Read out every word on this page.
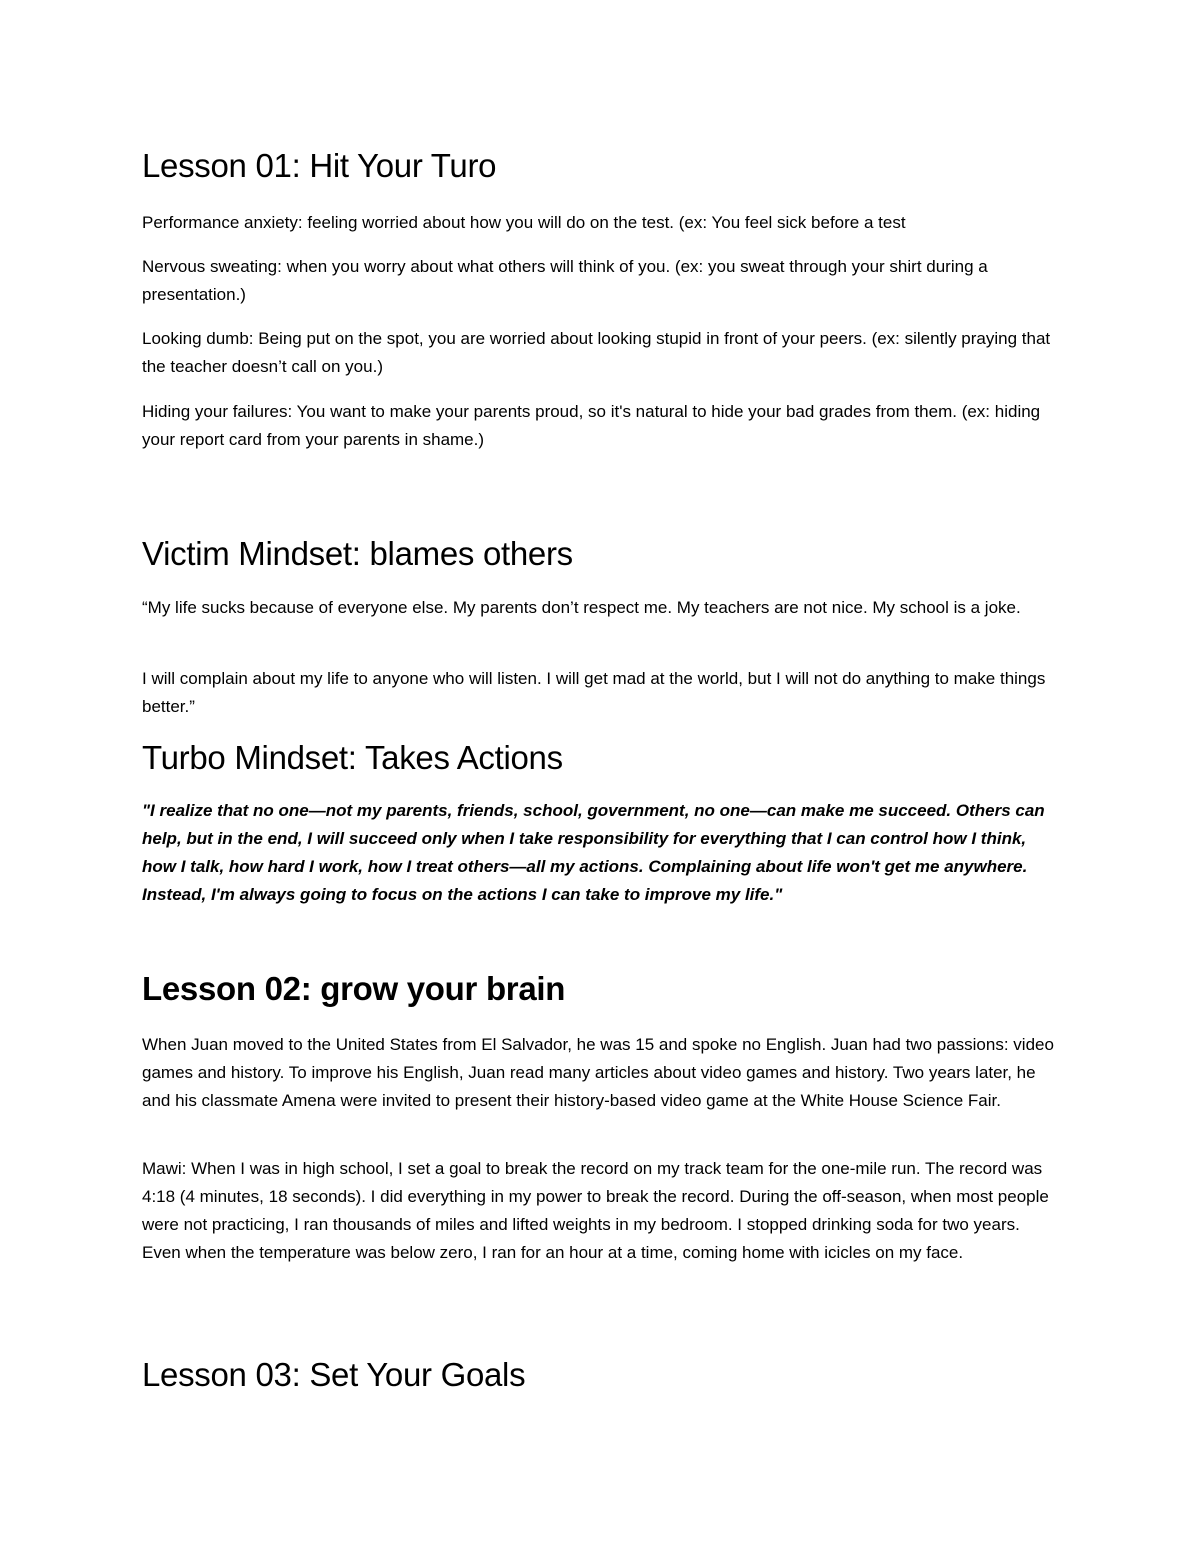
Lesson 01: Hit Your Turo

Performance anxiety: feeling worried about how you will do on the test. (ex: You feel sick before a test

Nervous sweating: when you worry about what others will think of you. (ex: you sweat through your shirt during a presentation.)

Looking dumb: Being put on the spot, you are worried about looking stupid in front of your peers. (ex: silently praying that the teacher doesn’t call on you.)

Hiding your failures: You want to make your parents proud, so it's natural to hide your bad grades from them. (ex: hiding your report card from your parents in shame.)

Victim Mindset: blames others

“My life sucks because of everyone else. My parents don’t respect me. My teachers are not nice. My school is a joke.

I will complain about my life to anyone who will listen. I will get mad at the world, but I will not do anything to make things better.”

Turbo Mindset: Takes Actions

"I realize that no one—not my parents, friends, school, government, no one—can make me succeed. Others can help, but in the end, I will succeed only when I take responsibility for everything that I can control how I think, how I talk, how hard I work, how I treat others—all my actions. Complaining about life won't get me anywhere. Instead, I'm always going to focus on the actions I can take to improve my life."

Lesson 02: grow your brain

When Juan moved to the United States from El Salvador, he was 15 and spoke no English. Juan had two passions: video games and history. To improve his English, Juan read many articles about video games and history. Two years later, he and his classmate Amena were invited to present their history-based video game at the White House Science Fair.

Mawi: When I was in high school, I set a goal to break the record on my track team for the one-mile run. The record was 4:18 (4 minutes, 18 seconds). I did everything in my power to break the record. During the off-season, when most people were not practicing, I ran thousands of miles and lifted weights in my bedroom. I stopped drinking soda for two years. Even when the temperature was below zero, I ran for an hour at a time, coming home with icicles on my face.

Lesson 03: Set Your Goals
